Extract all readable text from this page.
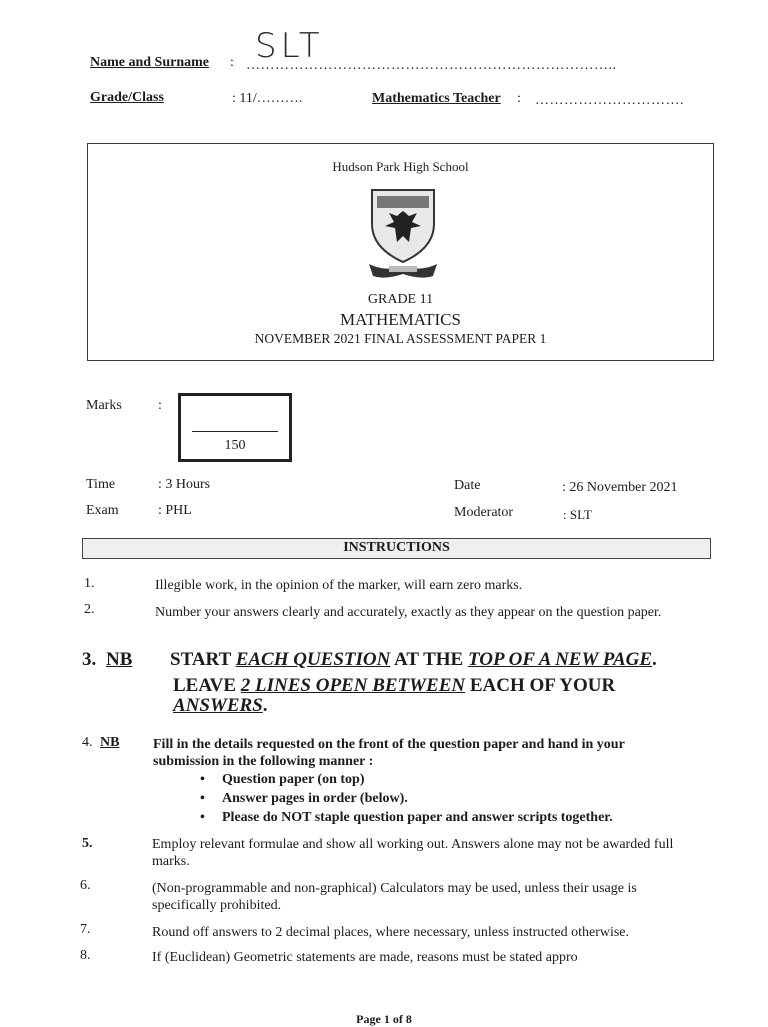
Name and Surname : …………………………………………………………………..
SLT
Grade/Class	: 11/……….	Mathematics Teacher : ………………………….
Hudson Park High School
GRADE 11
MATHEMATICS
NOVEMBER 2021 FINAL ASSESSMENT PAPER 1
Marks	:
150
Time	: 3 Hours
Exam	: PHL
Date	: 26 November 2021
Moderator	: SLT
INSTRUCTIONS
1.	Illegible work, in the opinion of the marker, will earn zero marks.
2.	Number your answers clearly and accurately, exactly as they appear on the question paper.
3. NB START EACH QUESTION AT THE TOP OF A NEW PAGE.
LEAVE 2 LINES OPEN BETWEEN EACH OF YOUR
ANSWERS.
4. NB Fill in the details requested on the front of the question paper and hand in your submission in the following manner :
• Question paper (on top)
• Answer pages in order (below).
• Please do NOT staple question paper and answer scripts together.
5.	Employ relevant formulae and show all working out. Answers alone may not be awarded full marks.
6.	(Non-programmable and non-graphical) Calculators may be used, unless their usage is specifically prohibited.
7.	Round off answers to 2 decimal places, where necessary, unless instructed otherwise.
8.	If (Euclidean) Geometric statements are made, reasons must be stated appro
Page 1 of 8
